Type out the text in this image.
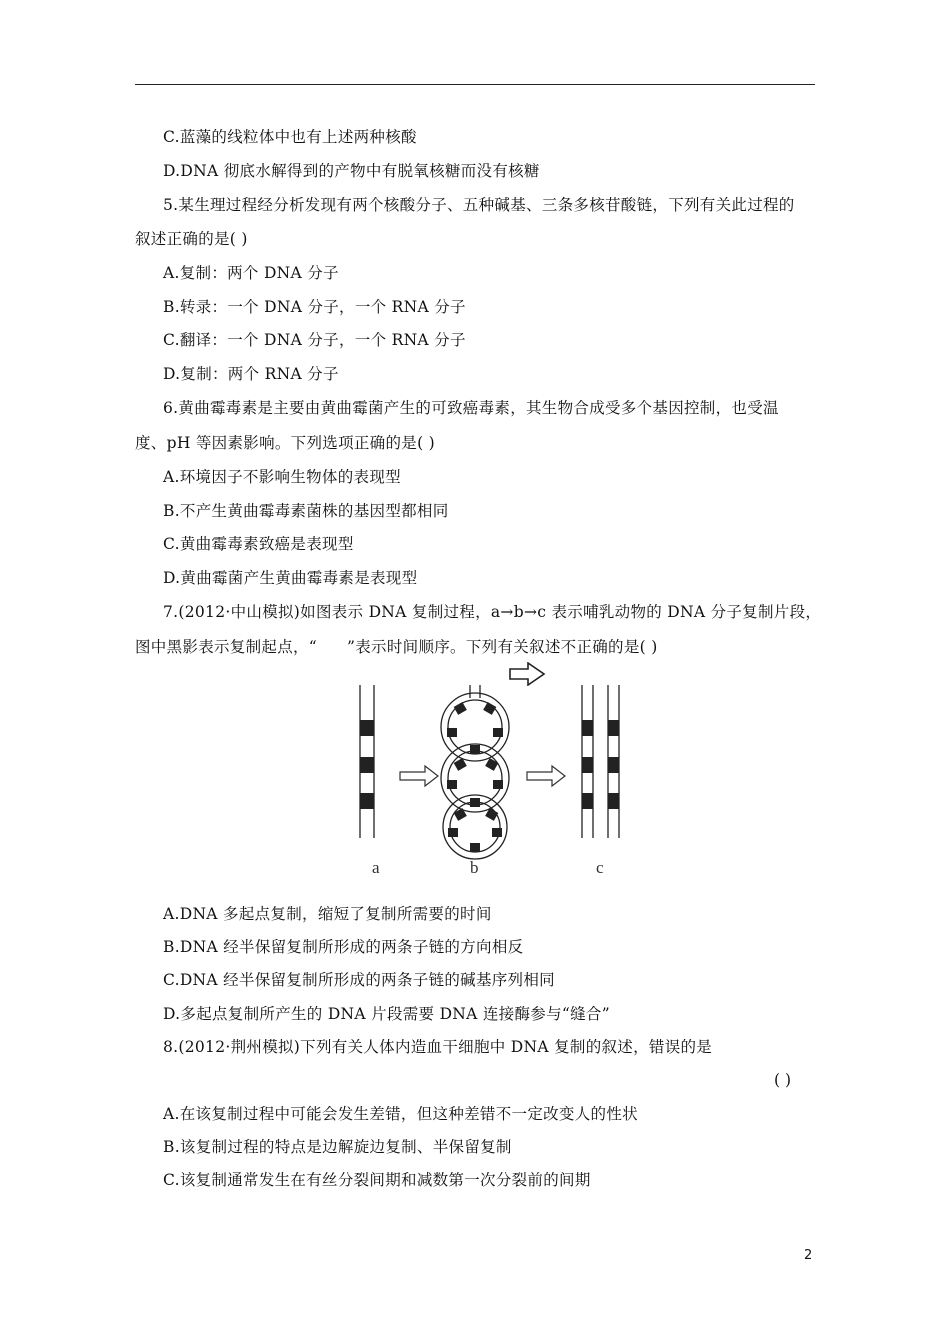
C.蓝藻的线粒体中也有上述两种核酸
D.DNA 彻底水解得到的产物中有脱氧核糖而没有核糖
5.某生理过程经分析发现有两个核酸分子、五种碱基、三条多核苷酸链，下列有关此过程的
叙述正确的是( )
A.复制：两个 DNA 分子
B.转录：一个 DNA 分子，一个 RNA 分子
C.翻译：一个 DNA 分子，一个 RNA 分子
D.复制：两个 RNA 分子
6.黄曲霉毒素是主要由黄曲霉菌产生的可致癌毒素，其生物合成受多个基因控制，也受温
度、pH 等因素影响。下列选项正确的是( )
A.环境因子不影响生物体的表现型
B.不产生黄曲霉毒素菌株的基因型都相同
C.黄曲霉毒素致癌是表现型
D.黄曲霉菌产生黄曲霉毒素是表现型
7.(2012·中山模拟)如图表示 DNA 复制过程，a→b→c 表示哺乳动物的 DNA 分子复制片段，
图中黑影表示复制起点，“ ”表示时间顺序。下列有关叙述不正确的是( )
a	b	c
A.DNA 多起点复制，缩短了复制所需要的时间
B.DNA 经半保留复制所形成的两条子链的方向相反
C.DNA 经半保留复制所形成的两条子链的碱基序列相同
D.多起点复制所产生的 DNA 片段需要 DNA 连接酶参与“缝合”
8.(2012·荆州模拟)下列有关人体内造血干细胞中 DNA 复制的叙述，错误的是
( )
A.在该复制过程中可能会发生差错，但这种差错不一定改变人的性状
B.该复制过程的特点是边解旋边复制、半保留复制
C.该复制通常发生在有丝分裂间期和减数第一次分裂前的间期
2
